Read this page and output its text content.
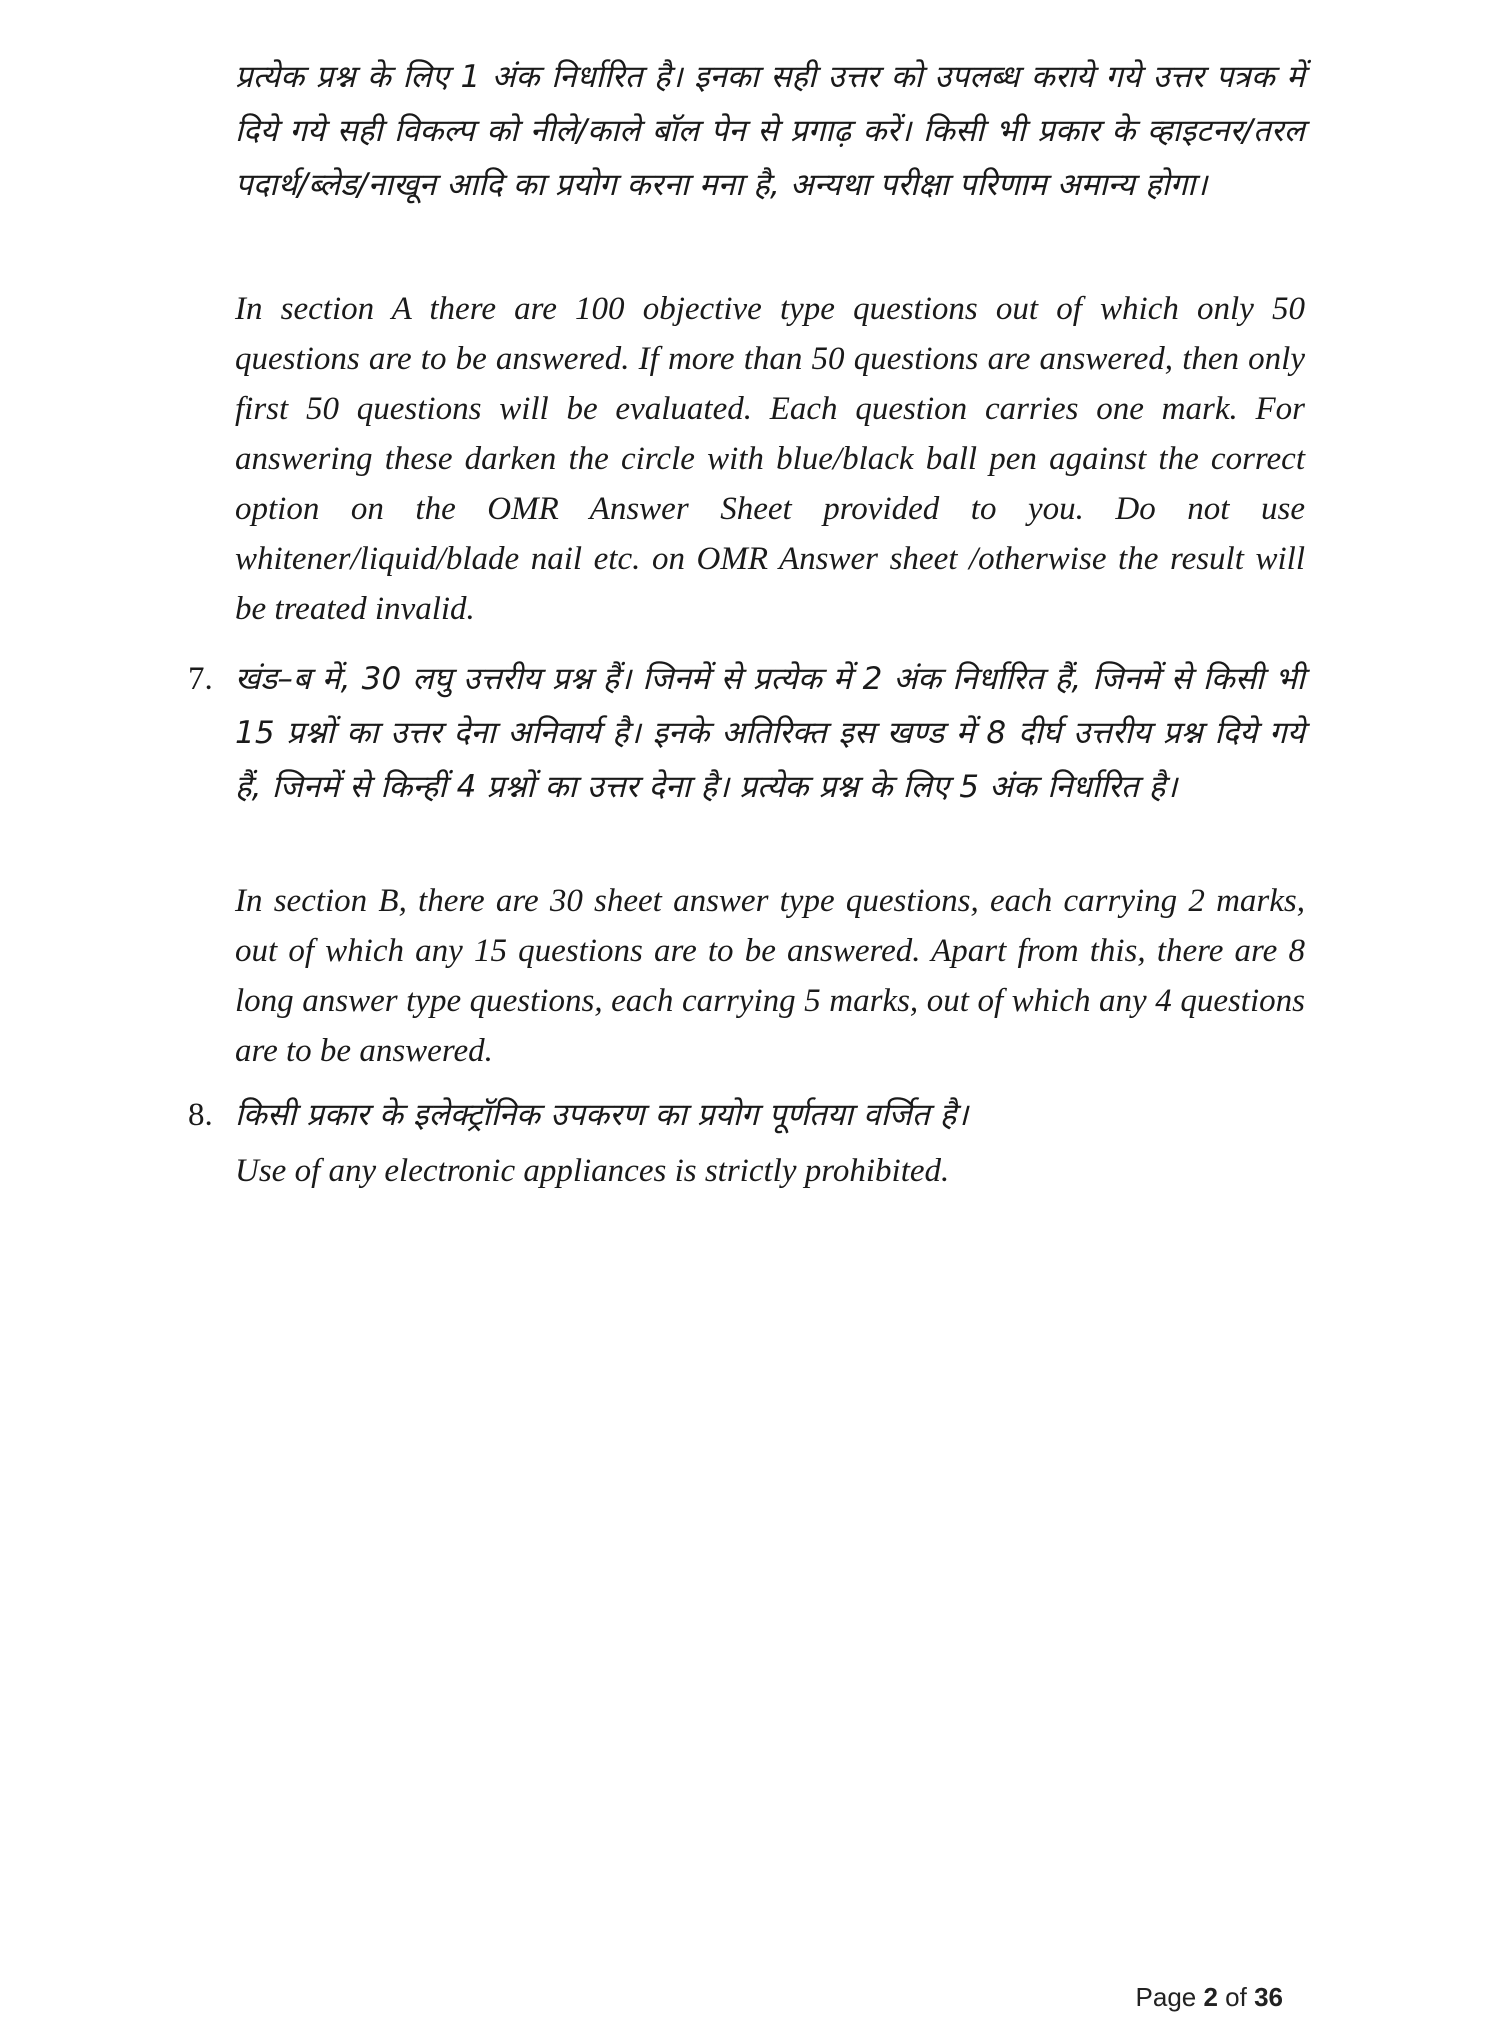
प्रत्येक प्रश्न के लिए 1 अंक निर्धारित है। इनका सही उत्तर को उपलब्ध कराये गये उत्तर पत्रक में दिये गये सही विकल्प को नीले/काले बॉल पेन से प्रगाढ़ करें। किसी भी प्रकार के व्हाइटनर/तरल पदार्थ/ब्लेड/नाखून आदि का प्रयोग करना मना है, अन्यथा परीक्षा परिणाम अमान्य होगा।
In section A there are 100 objective type questions out of which only 50 questions are to be answered. If more than 50 questions are answered, then only first 50 questions will be evaluated. Each question carries one mark. For answering these darken the circle with blue/black ball pen against the correct option on the OMR Answer Sheet provided to you. Do not use whitener/liquid/blade nail etc. on OMR Answer sheet /otherwise the result will be treated invalid.
7. खंड–ब में, 30 लघु उत्तरीय प्रश्न हैं। जिनमें से प्रत्येक में 2 अंक निर्धारित हैं, जिनमें से किसी भी 15 प्रश्नों का उत्तर देना अनिवार्य है। इनके अतिरिक्त इस खण्ड में 8 दीर्घ उत्तरीय प्रश्न दिये गये हैं, जिनमें से किन्हीं 4 प्रश्नों का उत्तर देना है। प्रत्येक प्रश्न के लिए 5 अंक निर्धारित है।
In section B, there are 30 sheet answer type questions, each carrying 2 marks, out of which any 15 questions are to be answered. Apart from this, there are 8 long answer type questions, each carrying 5 marks, out of which any 4 questions are to be answered.
8. किसी प्रकार के इलेक्ट्रॉनिक उपकरण का प्रयोग पूर्णतया वर्जित है।
Use of any electronic appliances is strictly prohibited.
Page 2 of 36
